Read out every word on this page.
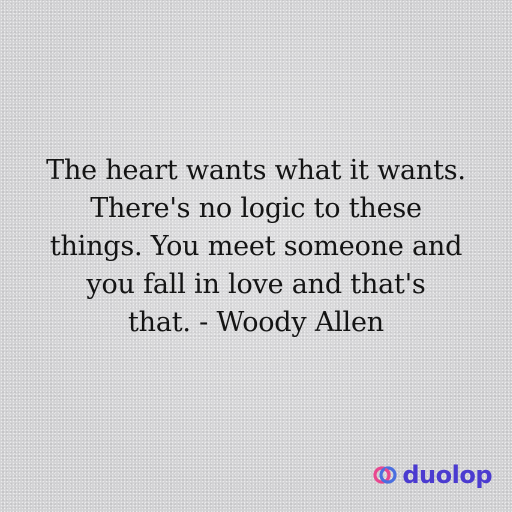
The heart wants what it wants.
There's no logic to these
things. You meet someone and
you fall in love and that's
that. - Woody Allen

duolop
